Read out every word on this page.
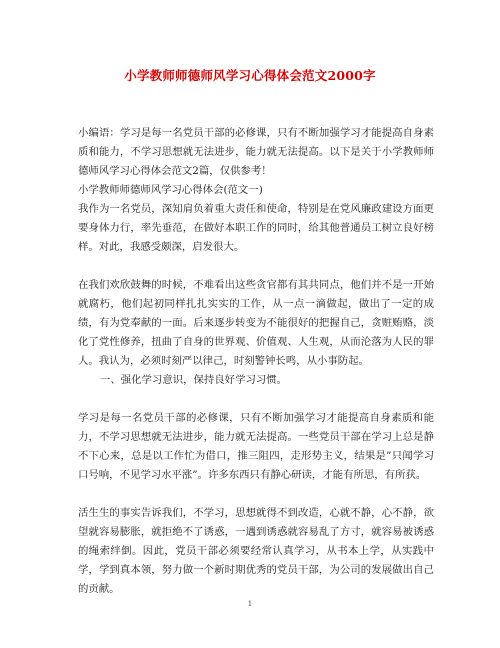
小学教师师德师风学习心得体会范文2000字

小编语：学习是每一名党员干部的必修课，只有不断加强学习才能提高自身素质和能力，不学习思想就无法进步，能力就无法提高。以下是关于小学教师师德师风学习心得体会范文2篇，仅供参考！

小学教师师德师风学习心得体会(范文一)

我作为一名党员，深知肩负着重大责任和使命，特别是在党风廉政建设方面更要身体力行，率先垂范，在做好本职工作的同时，给其他普通员工树立良好榜样。对此，我感受颇深，启发很大。

在我们欢欣鼓舞的时候，不难看出这些贪官都有其共同点，他们并不是一开始就腐朽，他们起初同样扎扎实实的工作，从一点一滴做起，做出了一定的成绩，有为党奉献的一面。后来逐步转变为不能很好的把握自己，贪赃贿赂，淡化了党性修养，扭曲了自身的世界观、价值观、人生观，从而沦落为人民的罪人。我认为，必须时刻严以律己，时刻警钟长鸣，从小事防起。

一、强化学习意识，保持良好学习习惯。

学习是每一名党员干部的必修课，只有不断加强学习才能提高自身素质和能力，不学习思想就无法进步，能力就无法提高。一些党员干部在学习上总是静不下心来，总是以工作忙为借口，推三阻四，走形势主义，结果是”只闻学习口号响，不见学习水平涨”。许多东西只有静心研读，才能有所思，有所获。

活生生的事实告诉我们，不学习，思想就得不到改造，心就不静，心不静，欲望就容易膨胀，就拒绝不了诱惑，一遇到诱惑就容易乱了方寸，就容易被诱惑的绳索绊倒。因此，党员干部必须要经常认真学习，从书本上学，从实践中学，学到真本领，努力做一个新时期优秀的党员干部，为公司的发展做出自己的贡献。

1
